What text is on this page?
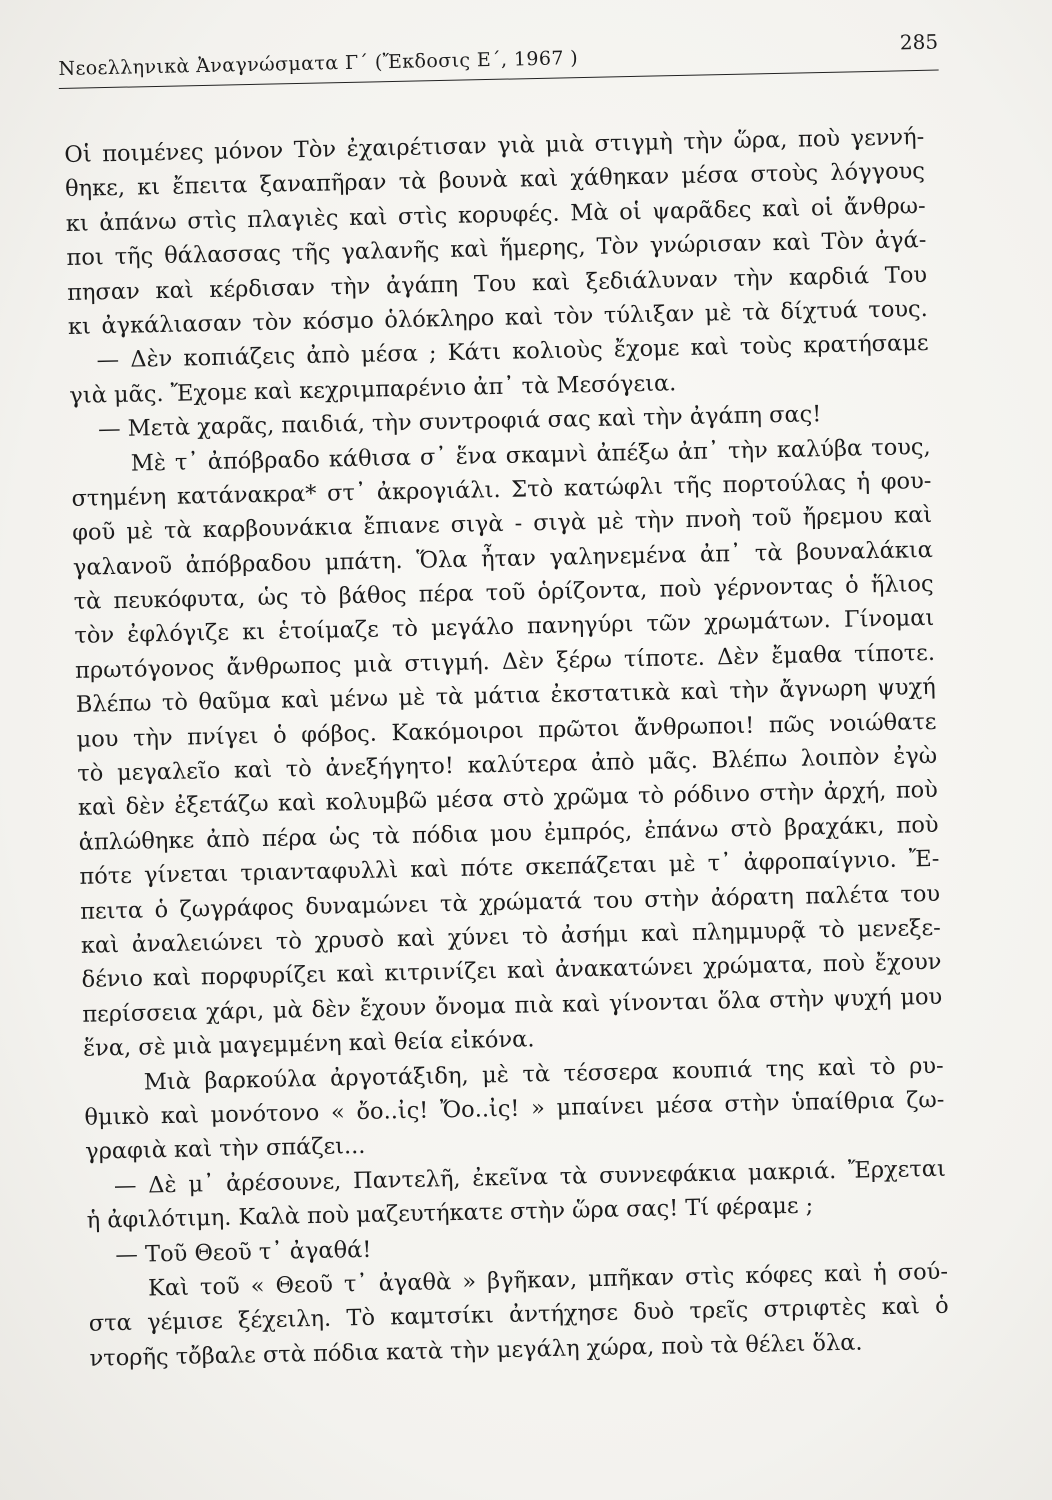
Νεοελληνικὰ Ἀναγνώσματα Γ΄ (Ἔκδοσις Ε΄, 1967 )
285
Οἱ ποιμένες μόνον Τὸν ἐχαιρέτισαν γιὰ μιὰ στιγμὴ τὴν ὥρα, ποὺ γεννή-
θηκε, κι ἔπειτα ξαναπῆραν τὰ βουνὰ καὶ χάθηκαν μέσα στοὺς λόγγους
κι ἀπάνω στὶς πλαγιὲς καὶ στὶς κορυφές. Μὰ οἱ ψαρᾶδες καὶ οἱ ἄνθρω-
ποι τῆς θάλασσας τῆς γαλανῆς καὶ ἥμερης, Τὸν γνώρισαν καὶ Τὸν ἀγά-
πησαν καὶ κέρδισαν τὴν ἀγάπη Του καὶ ξεδιάλυναν τὴν καρδιά Του
κι ἀγκάλιασαν τὸν κόσμο ὁλόκληρο καὶ τὸν τύλιξαν μὲ τὰ δίχτυά τους.
— Δὲν κοπιάζεις ἀπὸ μέσα ; Κάτι κολιοὺς ἔχομε καὶ τοὺς κρατήσαμε
γιὰ μᾶς. Ἔχομε καὶ κεχριμπαρένιο ἀπ᾿ τὰ Μεσόγεια.
— Μετὰ χαρᾶς, παιδιά, τὴν συντροφιά σας καὶ τὴν ἀγάπη σας!
Μὲ τ᾿ ἀπόβραδο κάθισα σ᾿ ἕνα σκαμνὶ ἀπέξω ἀπ᾿ τὴν καλύβα τους,
στημένη κατάνακρα* στ᾿ ἀκρογιάλι. Στὸ κατώφλι τῆς πορτούλας ἡ φου-
φοῦ μὲ τὰ καρβουνάκια ἔπιανε σιγὰ - σιγὰ μὲ τὴν πνοὴ τοῦ ἤρεμου καὶ
γαλανοῦ ἀπόβραδου μπάτη. Ὅλα ἦταν γαληνεμένα ἀπ᾿ τὰ βουναλάκια
τὰ πευκόφυτα, ὡς τὸ βάθος πέρα τοῦ ὁρίζοντα, ποὺ γέρνοντας ὁ ἥλιος
τὸν ἐφλόγιζε κι ἑτοίμαζε τὸ μεγάλο πανηγύρι τῶν χρωμάτων. Γίνομαι
πρωτόγονος ἄνθρωπος μιὰ στιγμή. Δὲν ξέρω τίποτε. Δὲν ἔμαθα τίποτε.
Βλέπω τὸ θαῦμα καὶ μένω μὲ τὰ μάτια ἐκστατικὰ καὶ τὴν ἄγνωρη ψυχή
μου τὴν πνίγει ὁ φόβος. Κακόμοιροι πρῶτοι ἄνθρωποι! πῶς νοιώθατε
τὸ μεγαλεῖο καὶ τὸ ἀνεξήγητο! καλύτερα ἀπὸ μᾶς. Βλέπω λοιπὸν ἐγὼ
καὶ δὲν ἐξετάζω καὶ κολυμβῶ μέσα στὸ χρῶμα τὸ ρόδινο στὴν ἀρχή, ποὺ
ἁπλώθηκε ἀπὸ πέρα ὡς τὰ πόδια μου ἐμπρός, ἐπάνω στὸ βραχάκι, ποὺ
πότε γίνεται τριανταφυλλὶ καὶ πότε σκεπάζεται μὲ τ᾿ ἀφροπαίγνιο. Ἔ-
πειτα ὁ ζωγράφος δυναμώνει τὰ χρώματά του στὴν ἀόρατη παλέτα του
καὶ ἀναλειώνει τὸ χρυσὸ καὶ χύνει τὸ ἀσήμι καὶ πλημμυρᾷ τὸ μενεξε-
δένιο καὶ πορφυρίζει καὶ κιτρινίζει καὶ ἀνακατώνει χρώματα, ποὺ ἔχουν
περίσσεια χάρι, μὰ δὲν ἔχουν ὄνομα πιὰ καὶ γίνονται ὅλα στὴν ψυχή μου
ἕνα, σὲ μιὰ μαγεμμένη καὶ θεία εἰκόνα.
Μιὰ βαρκούλα ἀργοτάξιδη, μὲ τὰ τέσσερα κουπιά της καὶ τὸ ρυ-
θμικὸ καὶ μονότονο « ὄο..ἰς! Ὄο..ἰς! » μπαίνει μέσα στὴν ὑπαίθρια ζω-
γραφιὰ καὶ τὴν σπάζει...
— Δὲ μ᾿ ἀρέσουνε, Παντελῆ, ἐκεῖνα τὰ συννεφάκια μακριά. Ἔρχεται
ἡ ἀφιλότιμη. Καλὰ ποὺ μαζευτήκατε στὴν ὥρα σας! Τί φέραμε ;
— Τοῦ Θεοῦ τ᾿ ἀγαθά!
Καὶ τοῦ « Θεοῦ τ᾿ ἀγαθὰ » βγῆκαν, μπῆκαν στὶς κόφες καὶ ἡ σού-
στα γέμισε ξέχειλη. Τὸ καμτσίκι ἀντήχησε δυὸ τρεῖς στριφτὲς καὶ ὁ
ντορῆς τὄβαλε στὰ πόδια κατὰ τὴν μεγάλη χώρα, ποὺ τὰ θέλει ὅλα.
